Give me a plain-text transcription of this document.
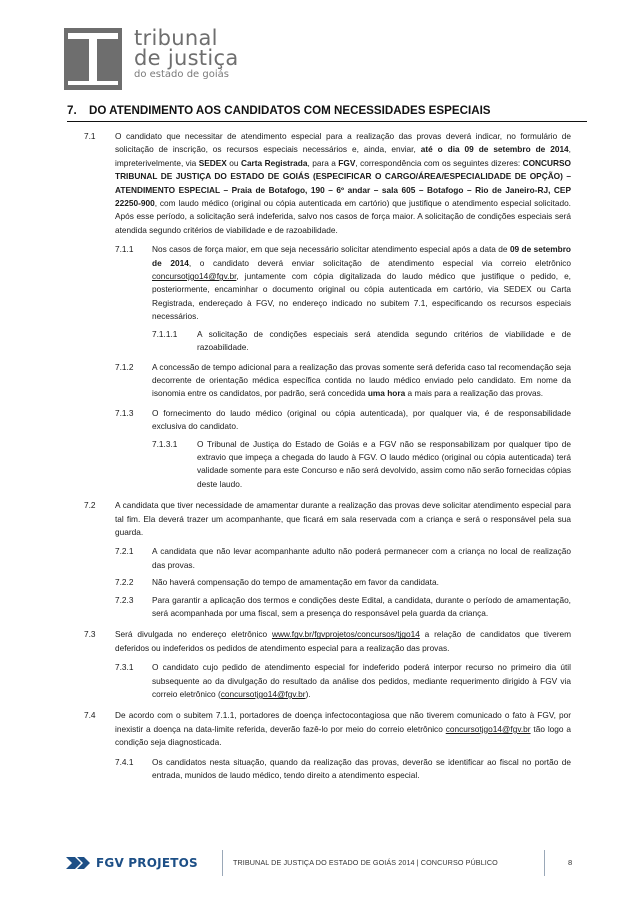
tribunal
de justiça
do estado de goiás
7. DO ATENDIMENTO AOS CANDIDATOS COM NECESSIDADES ESPECIAIS
7.1 O candidato que necessitar de atendimento especial para a realização das provas deverá indicar, no formulário de solicitação de inscrição, os recursos especiais necessários e, ainda, enviar, até o dia 09 de setembro de 2014, impreterivelmente, via SEDEX ou Carta Registrada, para a FGV, correspondência com os seguintes dizeres: CONCURSO TRIBUNAL DE JUSTIÇA DO ESTADO DE GOIÁS (ESPECIFICAR O CARGO/ÁREA/ESPECIALIDADE DE OPÇÃO) – ATENDIMENTO ESPECIAL – Praia de Botafogo, 190 – 6º andar – sala 605 – Botafogo – Rio de Janeiro-RJ, CEP 22250-900, com laudo médico (original ou cópia autenticada em cartório) que justifique o atendimento especial solicitado. Após esse período, a solicitação será indeferida, salvo nos casos de força maior. A solicitação de condições especiais será atendida segundo critérios de viabilidade e de razoabilidade.
7.1.1 Nos casos de força maior, em que seja necessário solicitar atendimento especial após a data de 09 de setembro de 2014, o candidato deverá enviar solicitação de atendimento especial via correio eletrônico concursotjgo14@fgv.br, juntamente com cópia digitalizada do laudo médico que justifique o pedido, e, posteriormente, encaminhar o documento original ou cópia autenticada em cartório, via SEDEX ou Carta Registrada, endereçado à FGV, no endereço indicado no subitem 7.1, especificando os recursos especiais necessários.
7.1.1.1 A solicitação de condições especiais será atendida segundo critérios de viabilidade e de razoabilidade.
7.1.2 A concessão de tempo adicional para a realização das provas somente será deferida caso tal recomendação seja decorrente de orientação médica específica contida no laudo médico enviado pelo candidato. Em nome da isonomia entre os candidatos, por padrão, será concedida uma hora a mais para a realização das provas.
7.1.3 O fornecimento do laudo médico (original ou cópia autenticada), por qualquer via, é de responsabilidade exclusiva do candidato.
7.1.3.1 O Tribunal de Justiça do Estado de Goiás e a FGV não se responsabilizam por qualquer tipo de extravio que impeça a chegada do laudo à FGV. O laudo médico (original ou cópia autenticada) terá validade somente para este Concurso e não será devolvido, assim como não serão fornecidas cópias deste laudo.
7.2 A candidata que tiver necessidade de amamentar durante a realização das provas deve solicitar atendimento especial para tal fim. Ela deverá trazer um acompanhante, que ficará em sala reservada com a criança e será o responsável pela sua guarda.
7.2.1 A candidata que não levar acompanhante adulto não poderá permanecer com a criança no local de realização das provas.
7.2.2 Não haverá compensação do tempo de amamentação em favor da candidata.
7.2.3 Para garantir a aplicação dos termos e condições deste Edital, a candidata, durante o período de amamentação, será acompanhada por uma fiscal, sem a presença do responsável pela guarda da criança.
7.3 Será divulgada no endereço eletrônico www.fgv.br/fgvprojetos/concursos/tjgo14 a relação de candidatos que tiverem deferidos ou indeferidos os pedidos de atendimento especial para a realização das provas.
7.3.1 O candidato cujo pedido de atendimento especial for indeferido poderá interpor recurso no primeiro dia útil subsequente ao da divulgação do resultado da análise dos pedidos, mediante requerimento dirigido à FGV via correio eletrônico (concursotjgo14@fgv.br).
7.4 De acordo com o subitem 7.1.1, portadores de doença infectocontagiosa que não tiverem comunicado o fato à FGV, por inexistir a doença na data-limite referida, deverão fazê-lo por meio do correio eletrônico concursotjgo14@fgv.br tão logo a condição seja diagnosticada.
7.4.1 Os candidatos nesta situação, quando da realização das provas, deverão se identificar ao fiscal no portão de entrada, munidos de laudo médico, tendo direito a atendimento especial.
FGV PROJETOS	TRIBUNAL DE JUSTIÇA DO ESTADO DE GOIÁS 2014 | CONCURSO PÚBLICO	8
